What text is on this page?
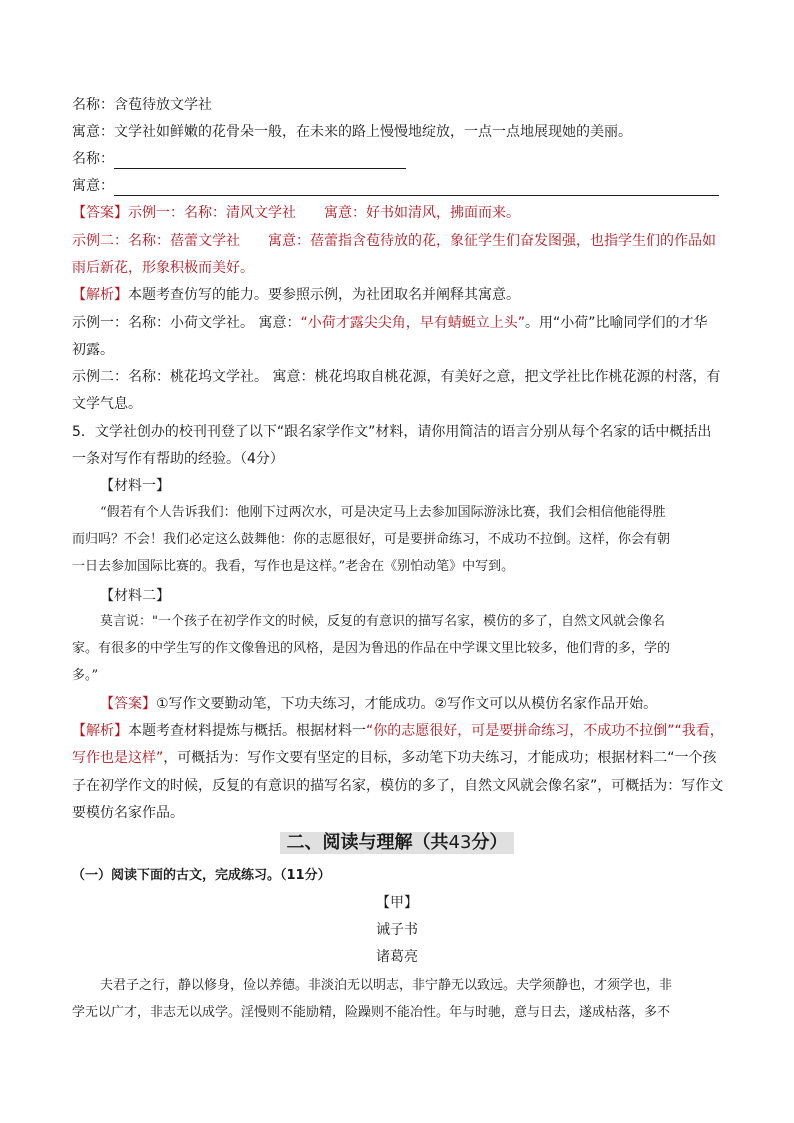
名称：含苞待放文学社
寓意：文学社如鲜嫩的花骨朵一般，在未来的路上慢慢地绽放，一点一点地展现她的美丽。
名称：
寓意：
【答案】示例一：名称：清风文学社　　寓意：好书如清风，拂面而来。
示例二：名称：蓓蕾文学社　　寓意：蓓蕾指含苞待放的花，象征学生们奋发图强，也指学生们的作品如
雨后新花，形象积极而美好。
【解析】本题考查仿写的能力。要参照示例，为社团取名并阐释其寓意。
示例一：名称：小荷文学社。 寓意：“小荷才露尖尖角，早有蜻蜓立上头”。用“小荷”比喻同学们的才华
初露。
示例二：名称：桃花坞文学社。 寓意：桃花坞取自桃花源，有美好之意，把文学社比作桃花源的村落，有
文学气息。
5．文学社创办的校刊刊登了以下“跟名家学作文”材料，请你用简洁的语言分别从每个名家的话中概括出
一条对写作有帮助的经验。（4分）
【材料一】
“假若有个人告诉我们：他刚下过两次水，可是决定马上去参加国际游泳比赛，我们会相信他能得胜
而归吗？不会！我们必定这么鼓舞他：你的志愿很好，可是要拼命练习，不成功不拉倒。这样，你会有朝
一日去参加国际比赛的。我看，写作也是这样。”老舍在《别怕动笔》中写到。
【材料二】
莫言说："一个孩子在初学作文的时候，反复的有意识的描写名家，模仿的多了，自然文风就会像名
家。有很多的中学生写的作文像鲁迅的风格，是因为鲁迅的作品在中学课文里比较多，他们背的多，学的
多。”
【答案】①写作文要勤动笔，下功夫练习，才能成功。②写作文可以从模仿名家作品开始。
【解析】本题考查材料提炼与概括。根据材料一“你的志愿很好，可是要拼命练习，不成功不拉倒”“我看，
写作也是这样”，可概括为：写作文要有坚定的目标，多动笔下功夫练习，才能成功；根据材料二“一个孩
子在初学作文的时候，反复的有意识的描写名家，模仿的多了，自然文风就会像名家”，可概括为：写作文
要模仿名家作品。
二、阅读与理解（共43分）
（一）阅读下面的古文，完成练习。（11分）
【甲】
诫子书
诸葛亮
夫君子之行，静以修身，俭以养德。非淡泊无以明志，非宁静无以致远。夫学须静也，才须学也，非
学无以广才，非志无以成学。淫慢则不能励精，险躁则不能冶性。年与时驰，意与日去，遂成枯落，多不
